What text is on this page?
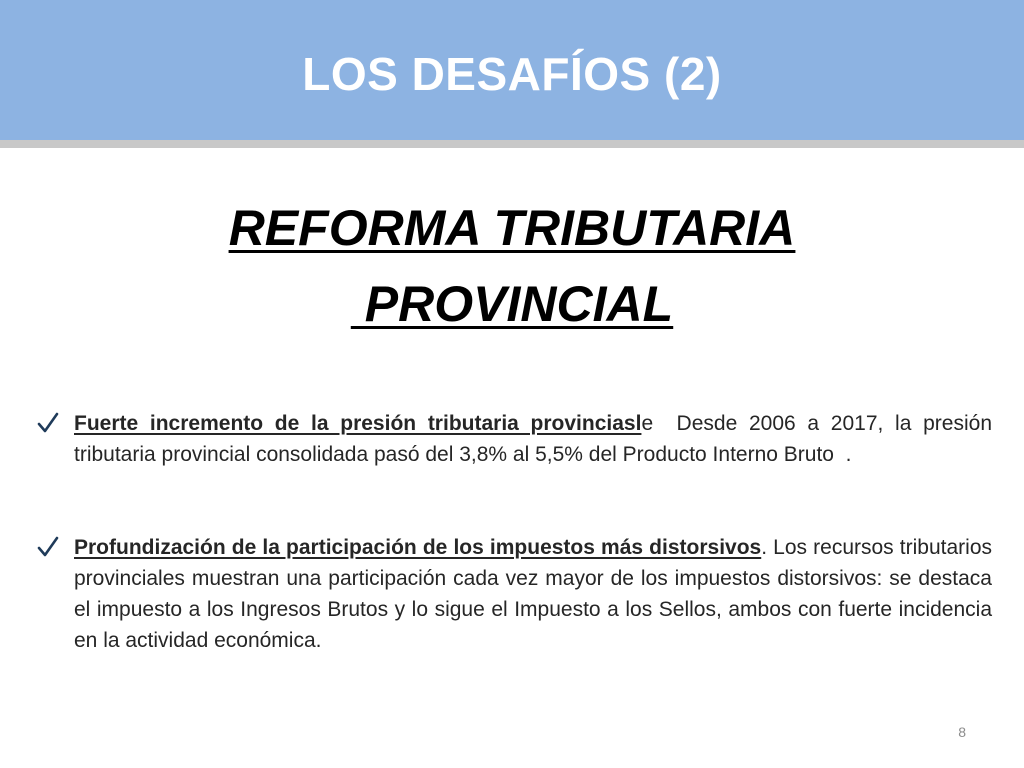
LOS DESAFÍOS (2)
REFORMA TRIBUTARIA
PROVINCIAL
Fuerte incremento de la presión tributaria provinciasle  Desde 2006 a 2017, la presión tributaria provincial consolidada pasó del 3,8% al 5,5% del Producto Interno Bruto  .
Profundización de la participación de los impuestos más distorsivos. Los recursos tributarios provinciales muestran una participación cada vez mayor de los impuestos distorsivos: se destaca el impuesto a los Ingresos Brutos y lo sigue el Impuesto a los Sellos, ambos con fuerte incidencia en la actividad económica.
8
